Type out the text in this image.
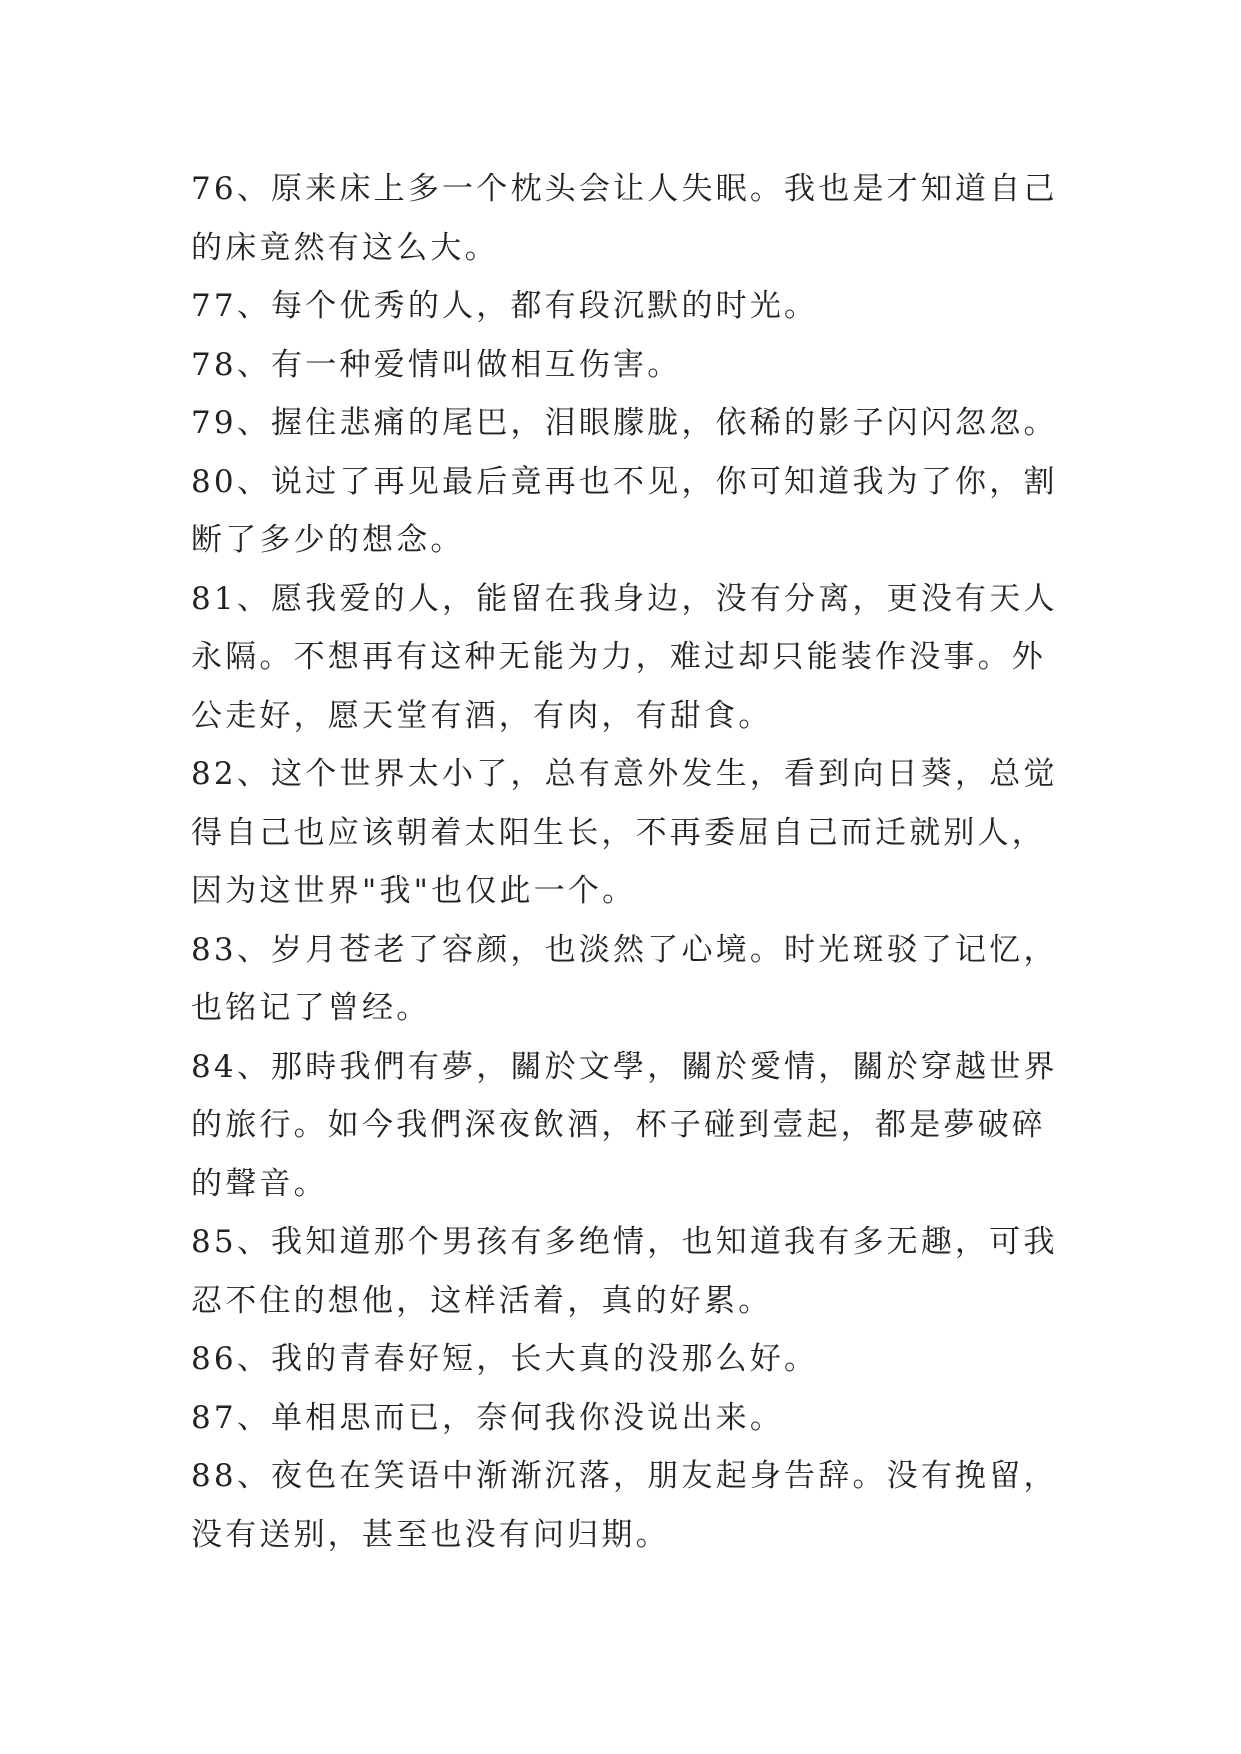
76、原来床上多一个枕头会让人失眠。我也是才知道自己的床竟然有这么大。

77、每个优秀的人，都有段沉默的时光。

78、有一种爱情叫做相互伤害。

79、握住悲痛的尾巴，泪眼朦胧，依稀的影子闪闪忽忽。

80、说过了再见最后竟再也不见，你可知道我为了你，割断了多少的想念。

81、愿我爱的人，能留在我身边，没有分离，更没有天人永隔。不想再有这种无能为力，难过却只能装作没事。外公走好，愿天堂有酒，有肉，有甜食。

82、这个世界太小了，总有意外发生，看到向日葵，总觉得自己也应该朝着太阳生长，不再委屈自己而迁就别人，因为这世界"我"也仅此一个。

83、岁月苍老了容颜，也淡然了心境。时光斑驳了记忆，也铭记了曾经。

84、那時我們有夢，關於文學，關於愛情，關於穿越世界的旅行。如今我們深夜飲酒，杯子碰到壹起，都是夢破碎的聲音。

85、我知道那个男孩有多绝情，也知道我有多无趣，可我忍不住的想他，这样活着，真的好累。

86、我的青春好短，长大真的没那么好。

87、单相思而已，奈何我你没说出来。

88、夜色在笑语中渐渐沉落，朋友起身告辞。没有挽留，没有送别，甚至也没有问归期。
